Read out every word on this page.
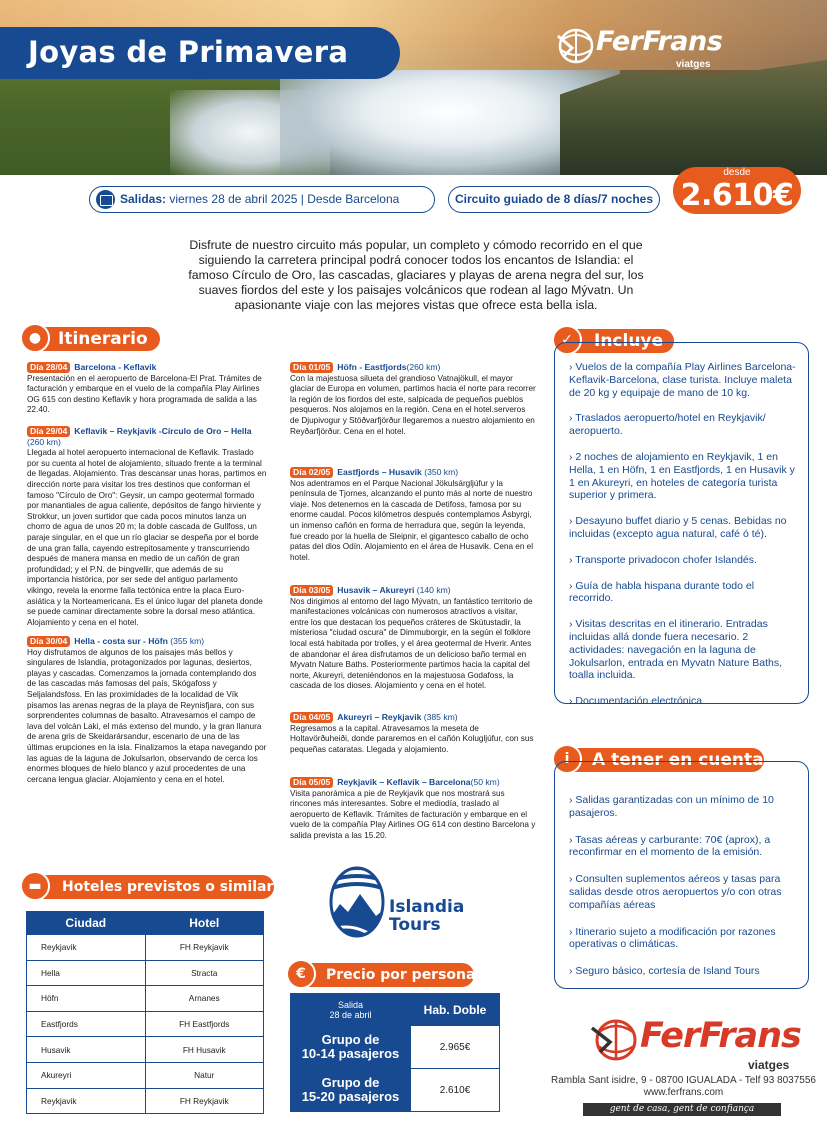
Joyas de Primavera	FerFrans
viatges
Salidas: viernes 28 de abril 2025 | Desde Barcelona	Circuito guiado de 8 días/7 noches
desde
2.610€

Disfrute de nuestro circuito más popular, un completo y cómodo recorrido en el que siguiendo la carretera principal podrá conocer todos los encantos de Islandia: el famoso Círculo de Oro, las cascadas, glaciares y playas de arena negra del sur, los suaves fiordos del este y los paisajes volcánicos que rodean al lago Mývatn. Un apasionante viaje con las mejores vistas que ofrece esta bella isla.

● Itinerario	✓	Incluye
i	A tener en cuenta
▬	Hoteles previstos o similares
€	Precio por persona
Día 28/04 Barcelona - Keflavik
Presentación en el aeropuerto de Barcelona-El Prat. Trámites de facturación y embarque en el vuelo de la compañía Play Airlines OG 615 con destino Keflavik y hora programada de salida a las 22.40.
Día 29/04 Keflavik – Reykjavik -Círculo de Oro – Hella (260 km)
Llegada al hotel aeropuerto internacional de Keflavik. Traslado por su cuenta al hotel de alojamiento, situado frente a la terminal de llegadas. Alojamiento. Tras descansar unas horas, partimos en dirección norte para visitar los tres destinos que conforman el famoso "Círculo de Oro": Geysir, un campo geotermal formado por manantiales de agua caliente, depósitos de fango hirviente y Strokkur, un joven surtidor que cada pocos minutos lanza un chorro de agua de unos 20 m; la doble cascada de Gullfoss, un paraje singular, en el que un río glaciar se despeña por el borde de una gran falla, cayendo estrepitosamente y transcurriendo después de manera mansa en medio de un cañón de gran profundidad; y el P.N. de Þingvellir, que además de su importancia histórica, por ser sede del antiguo parlamento vikingo, revela la enorme falla tectónica entre la placa Euro-asiática y la Norteamericana. Es el único lugar del planeta donde se puede caminar directamente sobre la dorsal meso atlántica. Alojamiento y cena en el hotel.
Día 30/04 Hella - costa sur - Höfn (355 km)
Hoy disfrutamos de algunos de los paisajes más bellos y singulares de Islandia, protagonizados por lagunas, desiertos, playas y cascadas. Comenzamos la jornada contemplando dos de las cascadas más famosas del país, Skógafoss y Seljalandsfoss. En las proximidades de la localidad de Vík pisamos las arenas negras de la playa de Reynisfjara, con sus sorprendentes columnas de basalto. Atravesamos el campo de lava del volcán Laki, el más extenso del mundo, y la gran llanura de arena gris de Skeidarársandur, escenario de una de las últimas erupciones en la isla. Finalizamos la etapa navegando por las aguas de la laguna de Jokulsarlon, observando de cerca los enormes bloques de hielo blanco y azul procedentes de una cercana lengua glaciar. Alojamiento y cena en el hotel.
Día 01/05 Höfn - Eastfjords(260 km)
Con la majestuosa silueta del grandioso Vatnajökull, el mayor glaciar de Europa en volumen, partimos hacia el norte para recorrer la región de los fiordos del este, salpicada de pequeños pueblos pesqueros. Nos alojamos en la región. Cena en el hotel.serveros de Djupivogur y Stöðvarfjörður llegaremos a nuestro alojamiento en Reyðarfjörður. Cena en el hotel.
Día 02/05 Eastfjords – Husavik (350 km)
Nos adentramos en el Parque Nacional Jökulsárgljúfur y la península de Tjornes, alcanzando el punto más al norte de nuestro viaje. Nos detenemos en la cascada de Detifoss, famosa por su enorme caudal. Pocos kilómetros después contemplamos Ásbyrgi, un inmenso cañón en forma de herradura que, según la leyenda, fue creado por la huella de Sleipnir, el gigantesco caballo de ocho patas del dios Odín. Alojamiento en el área de Husavik. Cena en el hotel.
Día 03/05 Husavik – Akureyri (140 km)
Nos dirigimos al entorno del lago Mývatn, un fantástico territorio de manifestaciones volcánicas con numerosos atractivos a visitar, entre los que destacan los pequeños cráteres de Skútustadir, la misteriosa "ciudad oscura" de Dimmuborgir, en la según el folklore local está habitada por trolles, y el área geotermal de Hverir. Antes de abandonar el área disfrutamos de un delicioso baño termal en Myvatn Nature Baths. Posteriormente partimos hacia la capital del norte, Akureyri, deteniéndonos en la majestuosa Godafoss, la cascada de los dioses. Alojamiento y cena en el hotel.
Día 04/05 Akureyri – Reykjavik (385 km)
Regresamos a la capital. Atravesamos la meseta de Holtavörðuheiði, donde pararemos en el cañón Kolugljúfur, con sus pequeñas cataratas. Llegada y alojamiento.
Día 05/05 Reykjavik – Keflavik – Barcelona(50 km)
Visita panorámica a pie de Reykjavik que nos mostrará sus rincones más interesantes. Sobre el mediodía, traslado al aeropuerto de Keflavik. Trámites de facturación y embarque en el vuelo de la compañía Play Airlines OG 614 con destino Barcelona y salida prevista a las 15.20.
› Vuelos de la compañía Play Airlines Barcelona-Keflavik-Barcelona, clase turista. Incluye maleta de 20 kg y equipaje de mano de 10 kg.
› Traslados aeropuerto/hotel en Reykjavik/ aeropuerto.
› 2 noches de alojamiento en Reykjavik, 1 en Hella, 1 en Höfn, 1 en Eastfjords, 1 en Husavik y 1 en Akureyri, en hoteles de categoría turista superior y primera.
› Desayuno buffet diario y 5 cenas. Bebidas no incluidas (excepto agua natural, café ó té).
› Transporte privadocon chofer Islandés.
› Guía de habla hispana durante todo el recorrido.
› Visitas descritas en el itinerario. Entradas incluidas allá donde fuera necesario. 2 actividades: navegación en la laguna de Jokulsarlon, entrada en Myvatn Nature Baths, toalla incluida.
› Documentación electrónica
› Salidas garantizadas con un mínimo de 10 pasajeros.
› Tasas aéreas y carburante: 70€ (aprox), a reconfirmar en el momento de la emisión.
› Consulten suplementos aéreos y tasas para salidas desde otros aeropuertos y/o con otras compañías aéreas
› Itinerario sujeto a modificación por razones operativas o climáticas.
› Seguro básico, cortesía de Island Tours
Ciudad	Hotel
Reykjavik	FH Reykjavik
Hella	Stracta
Höfn	Arnanes
Eastfjords	FH Eastfjords
Husavik	FH Husavik
Akureyri	Natur
Reykjavik	FH Reykjavik
Islandia
Tours
Salida
28 de abril	Hab. Doble
Grupo de
10-14 pasajeros	2.965€
Grupo de
15-20 pasajeros	2.610€
FerFrans
viatges
Rambla Sant isidre, 9 - 08700 IGUALADA - Telf 93 8037556
www.ferfrans.com
gent de casa, gent de confiança
